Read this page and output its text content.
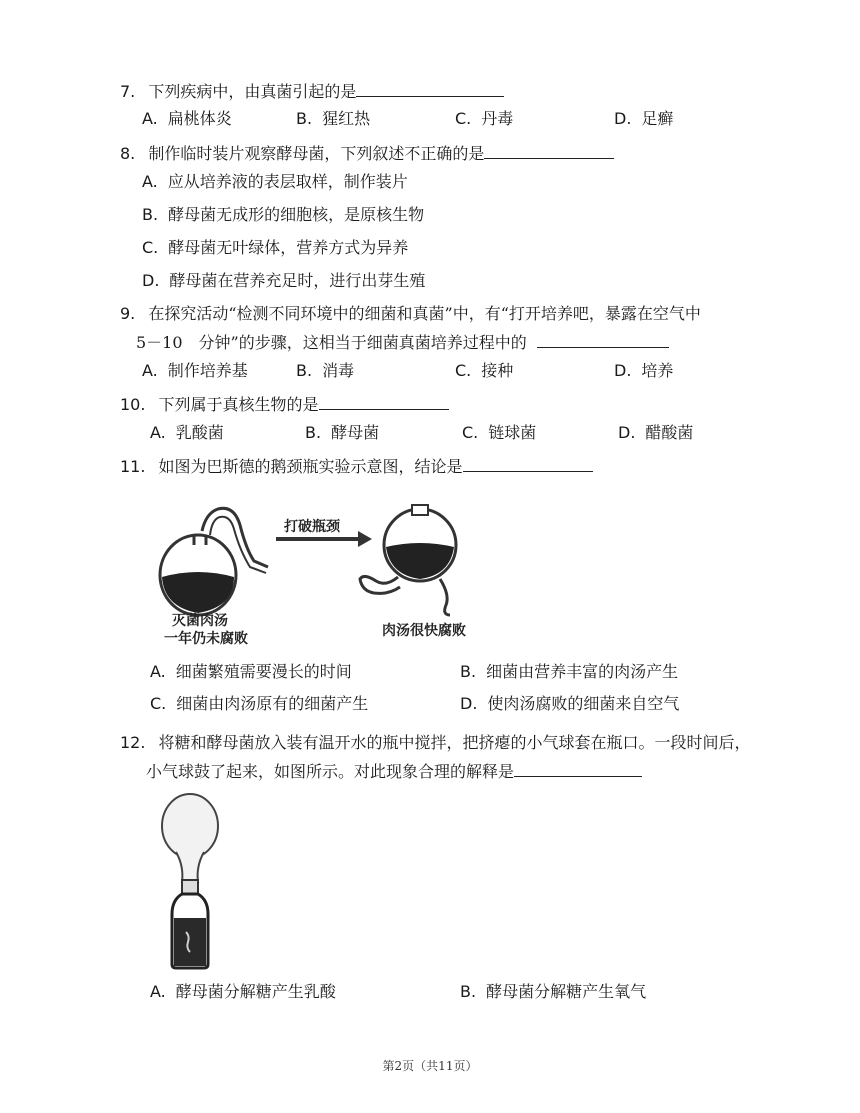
7. 下列疾病中，由真菌引起的是
A. 扁桃体炎	B. 猩红热	C. 丹毒	D. 足癣
8. 制作临时装片观察酵母菌，下列叙述不正确的是
A. 应从培养液的表层取样，制作装片
B. 酵母菌无成形的细胞核，是原核生物
C. 酵母菌无叶绿体，营养方式为异养
D. 酵母菌在营养充足时，进行出芽生殖
9. 在探究活动“检测不同环境中的细菌和真菌”中，有“打开培养吧，暴露在空气中
5－10　分钟”的步骤，这相当于细菌真菌培养过程中的
A. 制作培养基	B. 消毒	C. 接种	D. 培养
10. 下列属于真核生物的是
A. 乳酸菌	B. 酵母菌	C. 链球菌	D. 醋酸菌
11. 如图为巴斯德的鹅颈瓶实验示意图，结论是
打破瓶颈
灭菌肉汤
一年仍未腐败	肉汤很快腐败
A. 细菌繁殖需要漫长的时间	B. 细菌由营养丰富的肉汤产生
C. 细菌由肉汤原有的细菌产生	D. 使肉汤腐败的细菌来自空气
12. 将糖和酵母菌放入装有温开水的瓶中搅拌，把挤瘪的小气球套在瓶口。一段时间后，
小气球鼓了起来，如图所示。对此现象合理的解释是
A. 酵母菌分解糖产生乳酸	B. 酵母菌分解糖产生氧气
第2页（共11页）
